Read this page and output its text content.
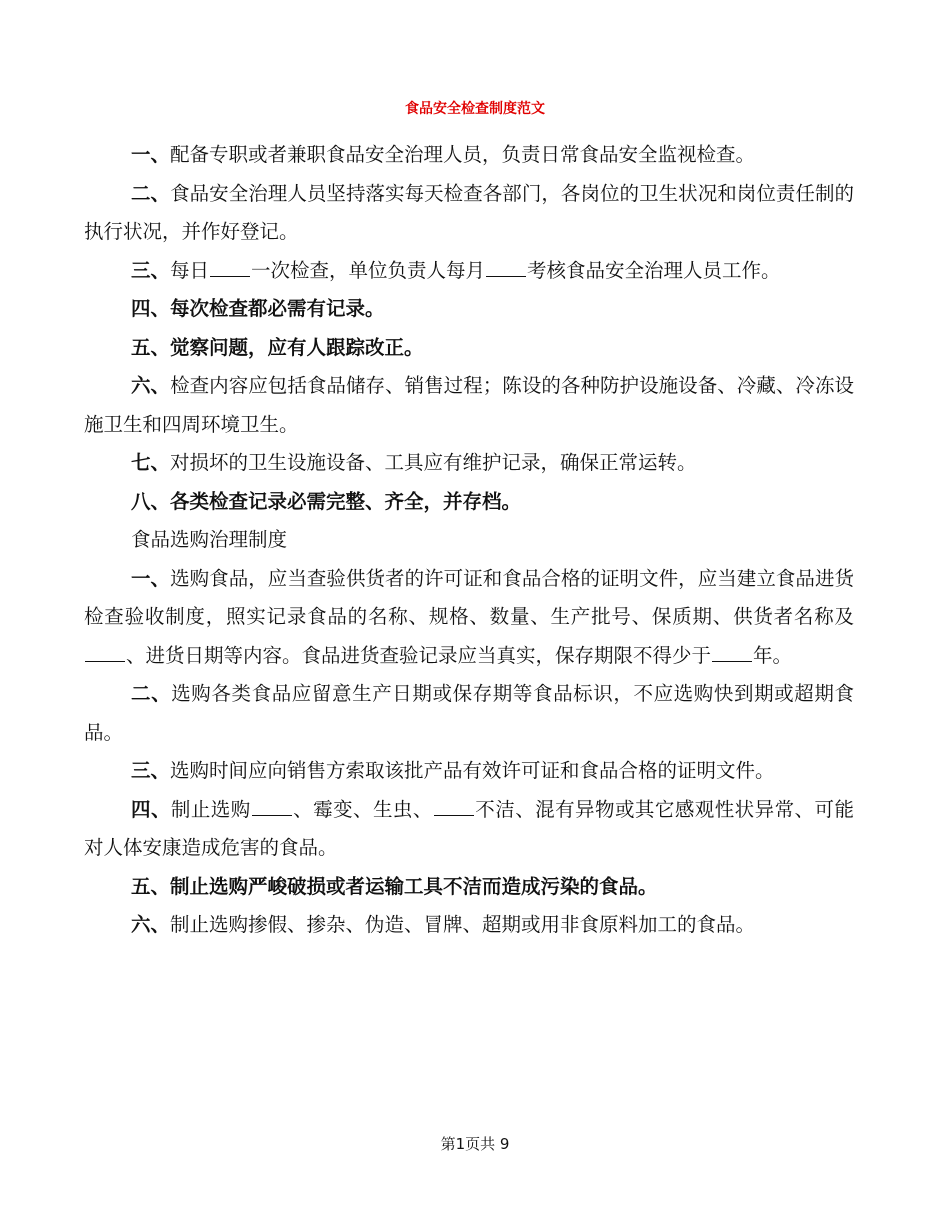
食品安全检查制度范文

一、配备专职或者兼职食品安全治理人员，负责日常食品安全监视检查。

二、食品安全治理人员坚持落实每天检查各部门，各岗位的卫生状况和岗位责任制的执行状况，并作好登记。

三、每日 一次检查，单位负责人每月 考核食品安全治理人员工作。

四、每次检查都必需有记录。

五、觉察问题，应有人跟踪改正。

六、检查内容应包括食品储存、销售过程；陈设的各种防护设施设备、冷藏、冷冻设施卫生和四周环境卫生。

七、对损坏的卫生设施设备、工具应有维护记录，确保正常运转。

八、各类检查记录必需完整、齐全，并存档。

食品选购治理制度

一、选购食品，应当查验供货者的许可证和食品合格的证明文件，应当建立食品进货检查验收制度，照实记录食品的名称、规格、数量、生产批号、保质期、供货者名称及、进货日期等内容。食品进货查验记录应当真实，保存期限不得少于 年。

二、选购各类食品应留意生产日期或保存期等食品标识，不应选购快到期或超期食品。

三、选购时间应向销售方索取该批产品有效许可证和食品合格的证明文件。

四、制止选购 、霉变、生虫、 不洁、混有异物或其它感观性状异常、可能对人体安康造成危害的食品。

五、制止选购严峻破损或者运输工具不洁而造成污染的食品。

六、制止选购掺假、掺杂、伪造、冒牌、超期或用非食原料加工的食品。

第1页共 9
